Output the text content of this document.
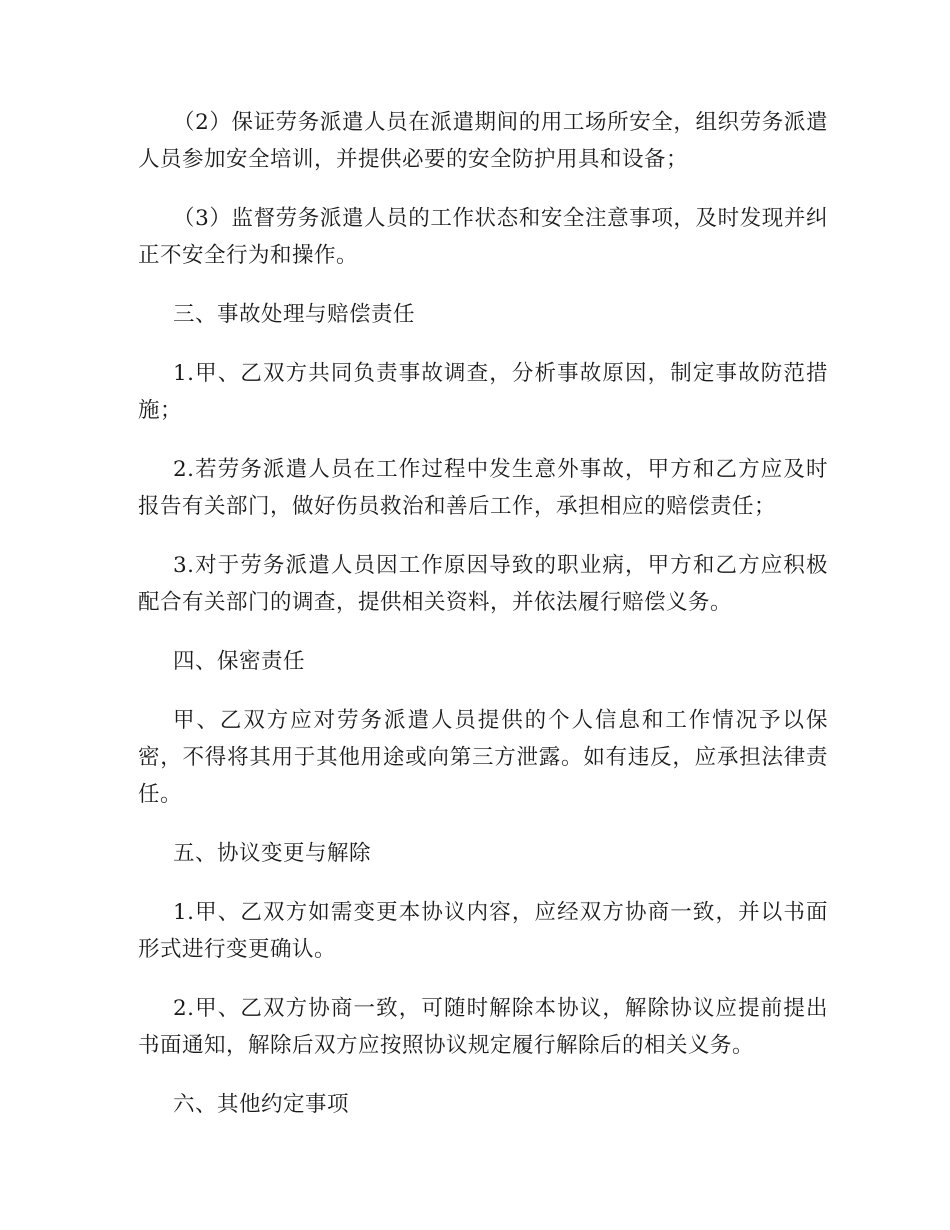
（2）保证劳务派遣人员在派遣期间的用工场所安全，组织劳务派遣人员参加安全培训，并提供必要的安全防护用具和设备；

（3）监督劳务派遣人员的工作状态和安全注意事项，及时发现并纠正不安全行为和操作。

三、事故处理与赔偿责任

1.甲、乙双方共同负责事故调查，分析事故原因，制定事故防范措施；

2.若劳务派遣人员在工作过程中发生意外事故，甲方和乙方应及时报告有关部门，做好伤员救治和善后工作，承担相应的赔偿责任；

3.对于劳务派遣人员因工作原因导致的职业病，甲方和乙方应积极配合有关部门的调查，提供相关资料，并依法履行赔偿义务。

四、保密责任

甲、乙双方应对劳务派遣人员提供的个人信息和工作情况予以保密，不得将其用于其他用途或向第三方泄露。如有违反，应承担法律责任。

五、协议变更与解除

1.甲、乙双方如需变更本协议内容，应经双方协商一致，并以书面形式进行变更确认。

2.甲、乙双方协商一致，可随时解除本协议，解除协议应提前提出书面通知，解除后双方应按照协议规定履行解除后的相关义务。

六、其他约定事项
